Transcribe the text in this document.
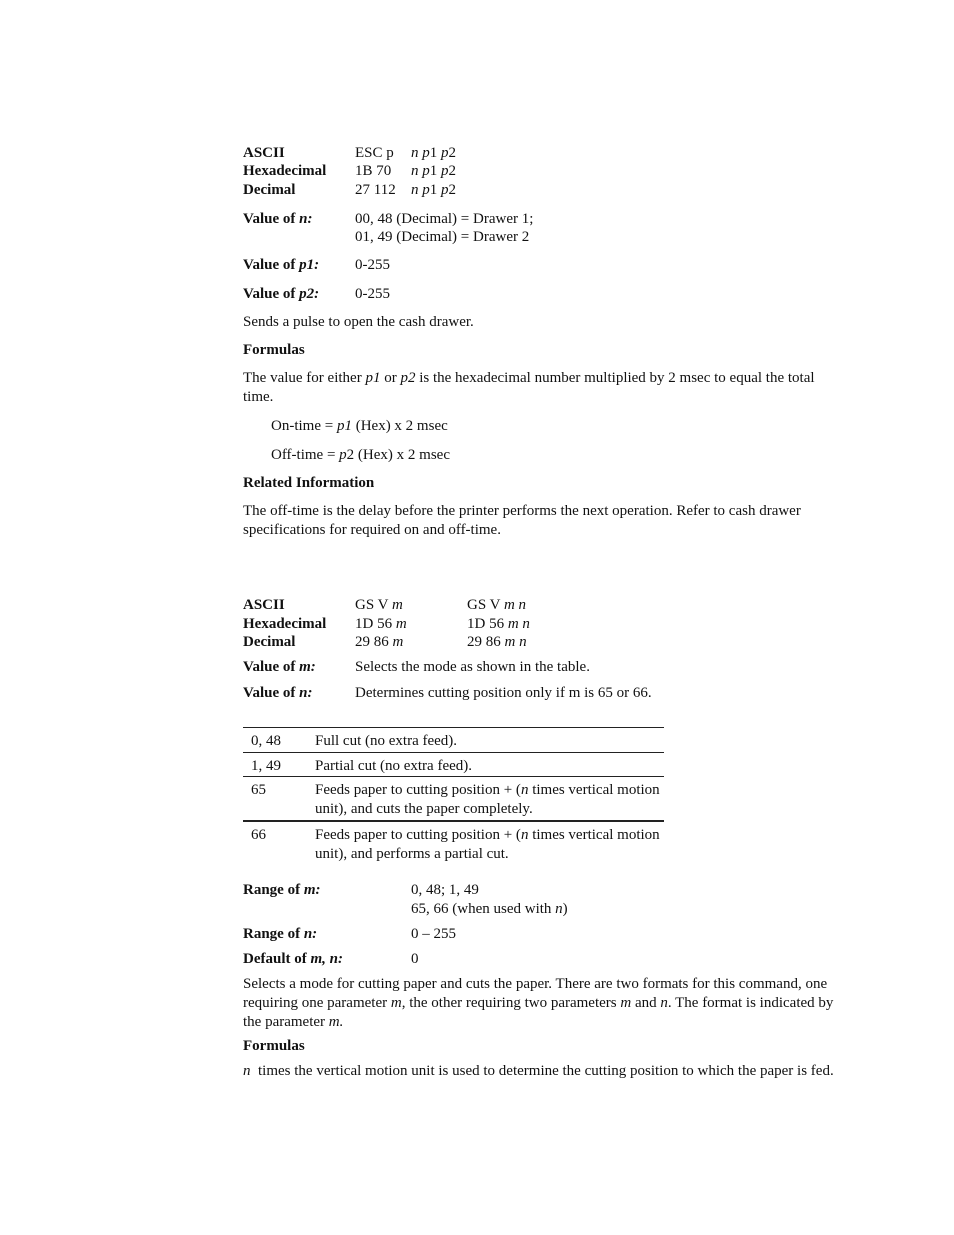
ASCII	ESC p n p1 p2
Hexadecimal 1B 70 n p1 p2
Decimal	27 112 n p1 p2
Value of n:	00, 48 (Decimal) = Drawer 1;
01, 49 (Decimal) = Drawer 2
Value of p1: 0-255
Value of p2: 0-255
Sends a pulse to open the cash drawer.
Formulas
The value for either p1 or p2 is the hexadecimal number multiplied by 2 msec to equal the total time.
On-time = p1 (Hex) x 2 msec
Off-time = p2 (Hex) x 2 msec
Related Information
The off-time is the delay before the printer performs the next operation. Refer to cash drawer specifications for required on and off-time.
ASCII	GS V m	GS V m n
Hexadecimal 1D 56 m	1D 56 m n
Decimal	29 86 m	29 86 m n
Value of m:	Selects the mode as shown in the table.
Value of n:	Determines cutting position only if m is 65 or 66.
0, 48 Full cut (no extra feed).
1, 49 Partial cut (no extra feed).
65	Feeds paper to cutting position + (n times vertical motion unit), and cuts the paper completely.
66	Feeds paper to cutting position + (n times vertical motion unit), and performs a partial cut.
Range of m:	0, 48; 1, 49
65, 66 (when used with n)
Range of n:	0 – 255
Default of m, n:	0
Selects a mode for cutting paper and cuts the paper. There are two formats for this command, one requiring one parameter m, the other requiring two parameters m and n. The format is indicated by the parameter m.
Formulas
n  times the vertical motion unit is used to determine the cutting position to which the paper is fed.
